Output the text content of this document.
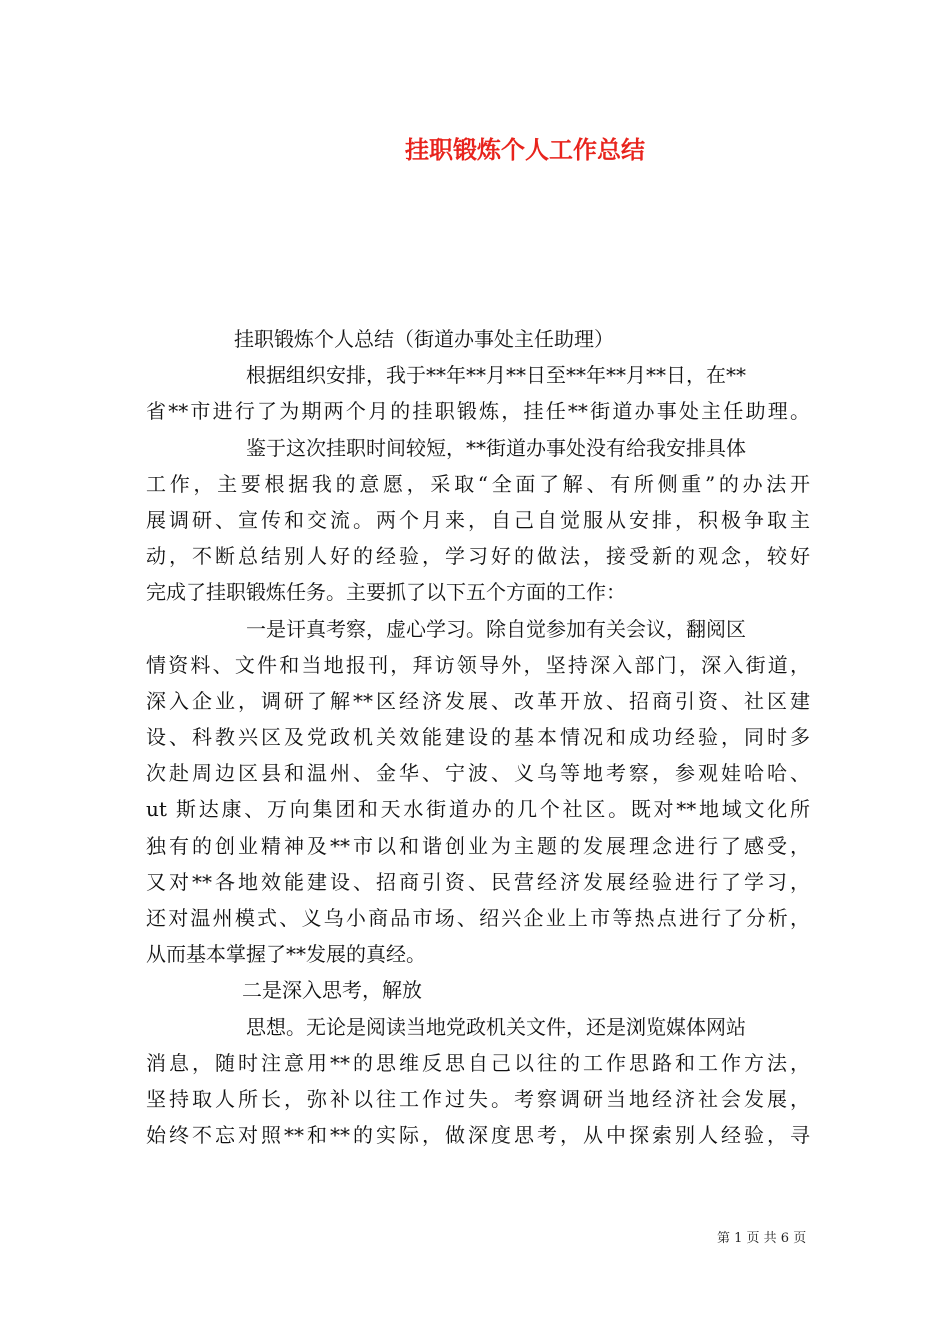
挂职锻炼个人工作总结
挂职锻炼个人总结（街道办事处主任助理）
根据组织安排，我于**年**月**日至**年**月**日，在**
省**市进行了为期两个月的挂职锻炼，挂任**街道办事处主任助理。
鉴于这次挂职时间较短，**街道办事处没有给我安排具体
工作，主要根据我的意愿，采取“全面了解、有所侧重”的办法开
展调研、宣传和交流。两个月来，自己自觉服从安排，积极争取主
动，不断总结别人好的经验，学习好的做法，接受新的观念，较好
完成了挂职锻炼任务。主要抓了以下五个方面的工作：
一是讦真考察，虚心学习。除自觉参加有关会议，翻阅区
情资料、文件和当地报刊，拜访领导外，坚持深入部门，深入街道，
深入企业，调研了解**区经济发展、改革开放、招商引资、社区建
设、科教兴区及党政机关效能建设的基本情况和成功经验，同时多
次赴周边区县和温州、金华、宁波、义乌等地考察，参观娃哈哈、
ut 斯达康、万向集团和天水街道办的几个社区。既对**地域文化所
独有的创业精神及**市以和谐创业为主题的发展理念进行了感受，
又对**各地效能建设、招商引资、民营经济发展经验进行了学习，
还对温州模式、义乌小商品市场、绍兴企业上市等热点进行了分析，
从而基本掌握了**发展的真经。
二是深入思考，解放
思想。无论是阅读当地党政机关文件，还是浏览媒体网站
消息，随时注意用**的思维反思自己以往的工作思路和工作方法，
坚持取人所长，弥补以往工作过失。考察调研当地经济社会发展，
始终不忘对照**和**的实际，做深度思考，从中探索别人经验，寻
第 1 页 共 6 页
